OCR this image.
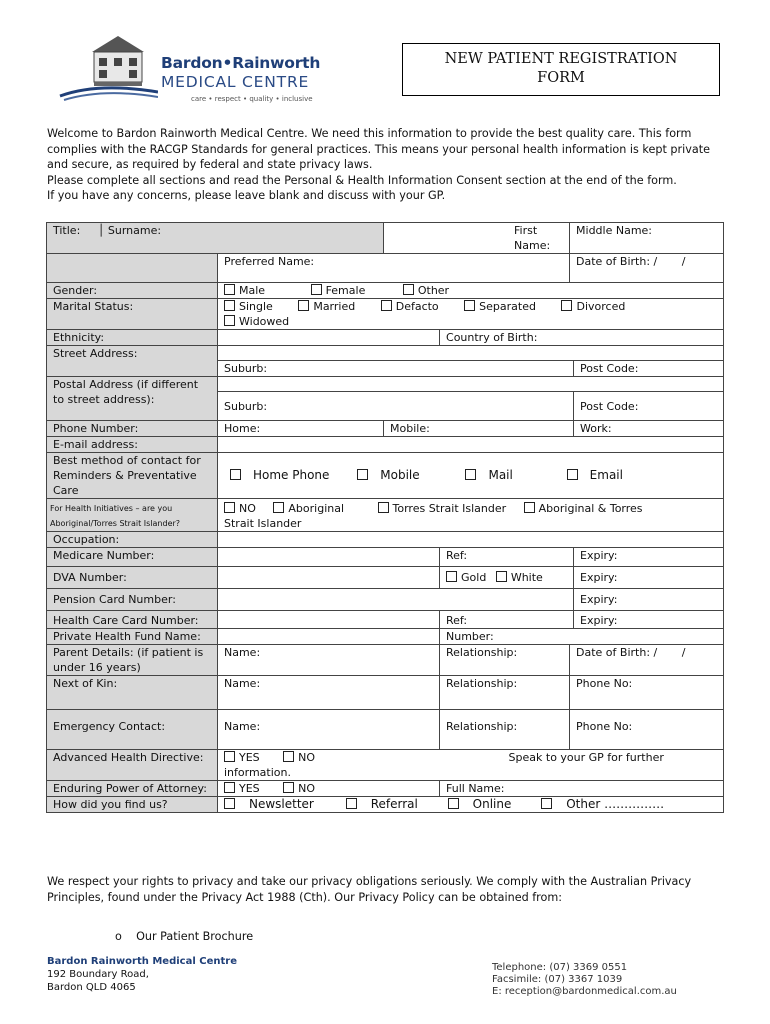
Bardon•Rainworth
MEDICAL CENTRE
care • respect • quality • inclusive
NEW PATIENT REGISTRATION
FORM

Welcome to Bardon Rainworth Medical Centre. We need this information to provide the best quality care. This form complies with the RACGP Standards for general practices. This means your personal health information is kept private and secure, as required by federal and state privacy laws.

Please complete all sections and read the Personal & Health Information Consent section at the end of the form.

If you have any concerns, please leave blank and discuss with your GP.

Title:     │ Surname:		First Name:		Middle Name:	
	Preferred Name:			Date of Birth: /       /	
Gender:	Male Female Other				
Marital Status:	Single Married Defacto Separated Divorced
Widowed				
Ethnicity:			Country of Birth:		
Street Address:					
	Suburb:				Post Code:
Postal Address (if different to street address):					
	Suburb:				Post Code:
Phone Number:	Home:	Mobile:			Work:
E-mail address:					
Best method of contact for Reminders & Preventative Care	Home Phone Mobile Mail Email				
For Health Initiatives – are you Aboriginal/Torres Strait Islander?	NO Aboriginal Torres Strait Islander Aboriginal & Torres
Strait Islander				
Occupation:					
Medicare Number:			Ref:		Expiry:
DVA Number:			Gold White		Expiry:
Pension Card Number:					Expiry:
Health Care Card Number:			Ref:		Expiry:
Private Health Fund Name:			Number:		
Parent Details: (if patient is under 16 years)	Name:		Relationship:	Date of Birth: /       /	
Next of Kin:	Name:		Relationship:	Phone No:	
Emergency Contact:	Name:		Relationship:	Phone No:	
Advanced Health Directive:	YES NO Speak to your GP for further information.				
Enduring Power of Attorney:	YES NO		Full Name:		
How did you find us?	Newsletter Referral Online Other ……………				

We respect your rights to privacy and take our privacy obligations seriously. We comply with the Australian Privacy Principles, found under the Privacy Act 1988 (Cth). Our Privacy Policy can be obtained from:

o    Our Patient Brochure
Bardon Rainworth Medical Centre
192 Boundary Road,
Bardon QLD 4065
Telephone: (07) 3369 0551
Facsimile: (07) 3367 1039
E: reception@bardonmedical.com.au
